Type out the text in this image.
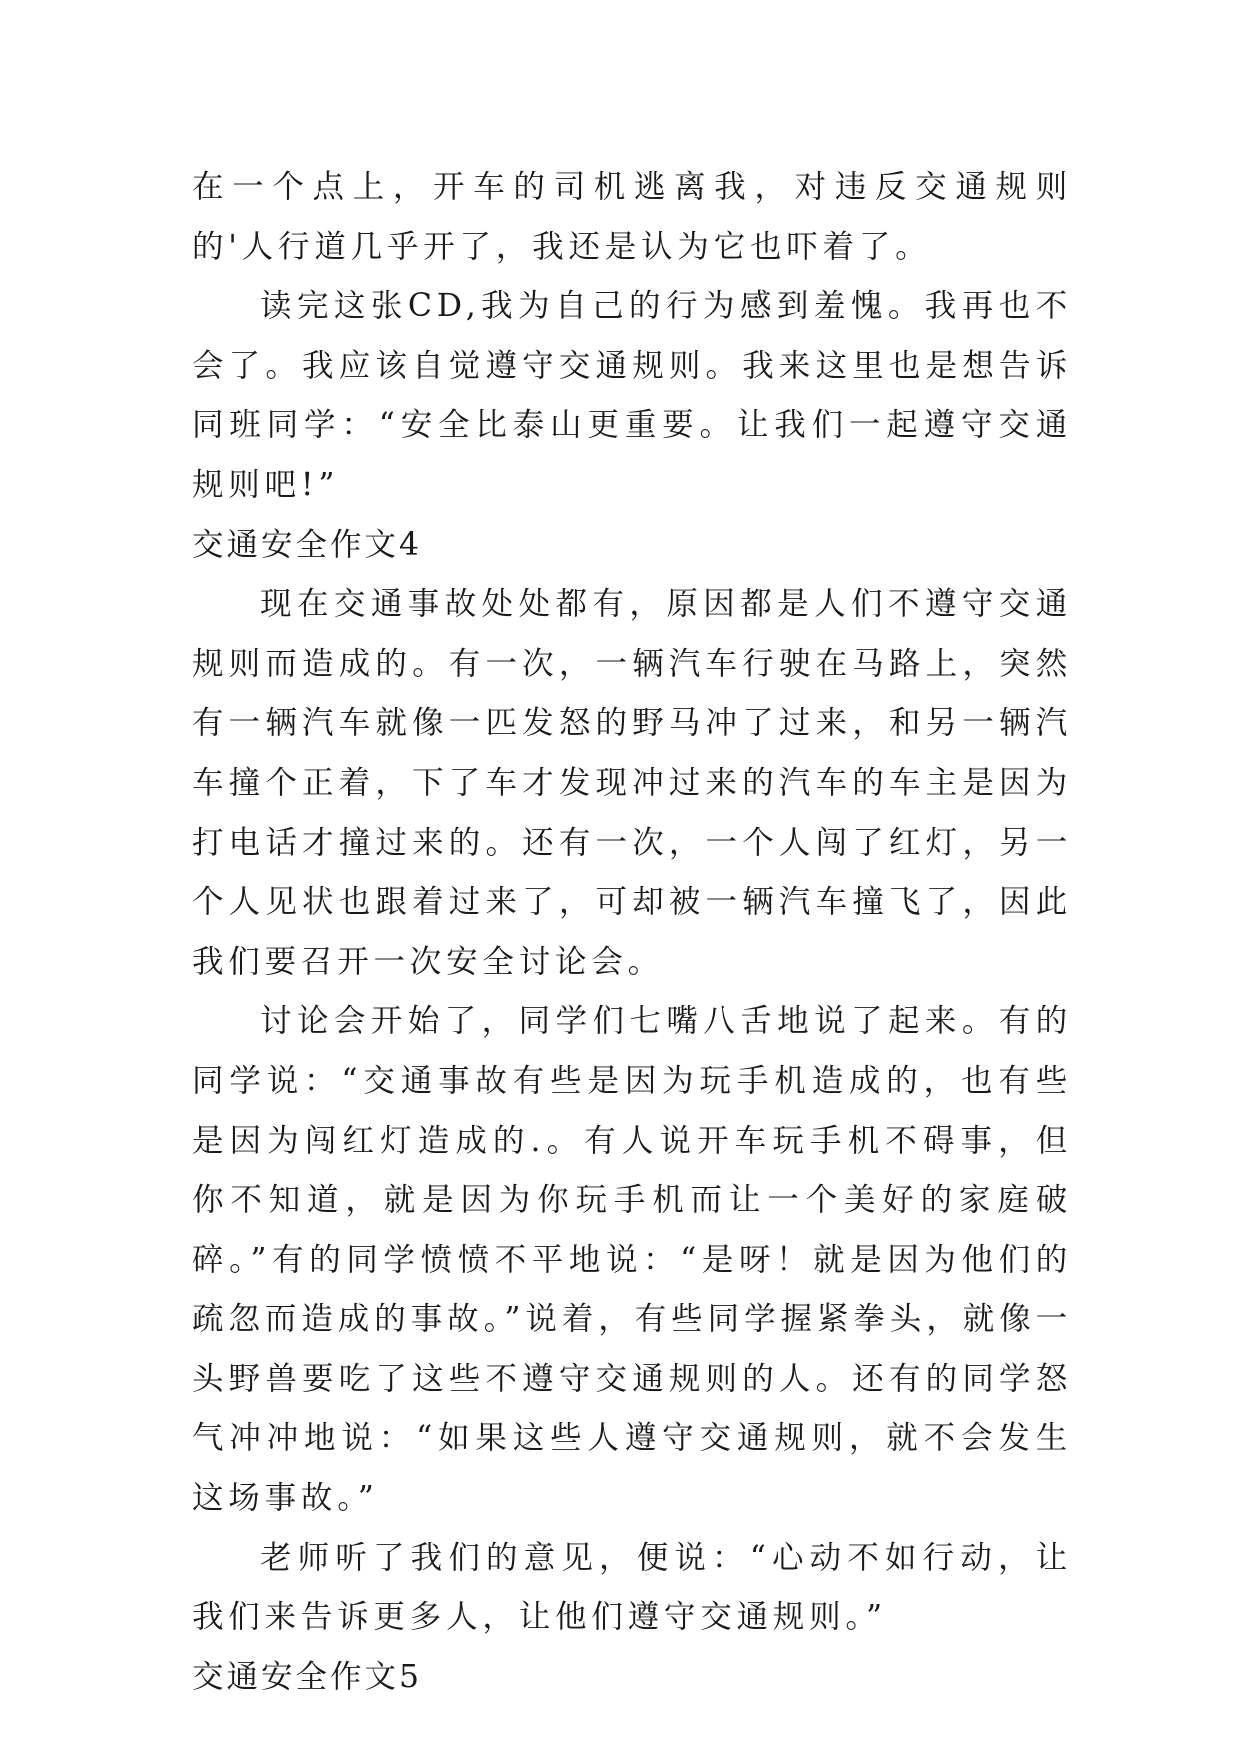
在一个点上，开车的司机逃离我，对违反交通规则的'人行道几乎开了，我还是认为它也吓着了。

读完这张CD,我为自己的行为感到羞愧。我再也不会了。我应该自觉遵守交通规则。我来这里也是想告诉同班同学：“安全比泰山更重要。让我们一起遵守交通规则吧!”

交通安全作文4

现在交通事故处处都有，原因都是人们不遵守交通规则而造成的。有一次，一辆汽车行驶在马路上，突然有一辆汽车就像一匹发怒的野马冲了过来，和另一辆汽车撞个正着，下了车才发现冲过来的汽车的车主是因为打电话才撞过来的。还有一次，一个人闯了红灯，另一个人见状也跟着过来了，可却被一辆汽车撞飞了，因此我们要召开一次安全讨论会。

讨论会开始了，同学们七嘴八舌地说了起来。有的同学说：“交通事故有些是因为玩手机造成的，也有些是因为闯红灯造成的.。有人说开车玩手机不碍事，但你不知道，就是因为你玩手机而让一个美好的家庭破碎。”有的同学愤愤不平地说：“是呀！就是因为他们的疏忽而造成的事故。”说着，有些同学握紧拳头，就像一头野兽要吃了这些不遵守交通规则的人。还有的同学怒气冲冲地说：“如果这些人遵守交通规则，就不会发生这场事故。”

老师听了我们的意见，便说：“心动不如行动，让我们来告诉更多人，让他们遵守交通规则。”

交通安全作文5
